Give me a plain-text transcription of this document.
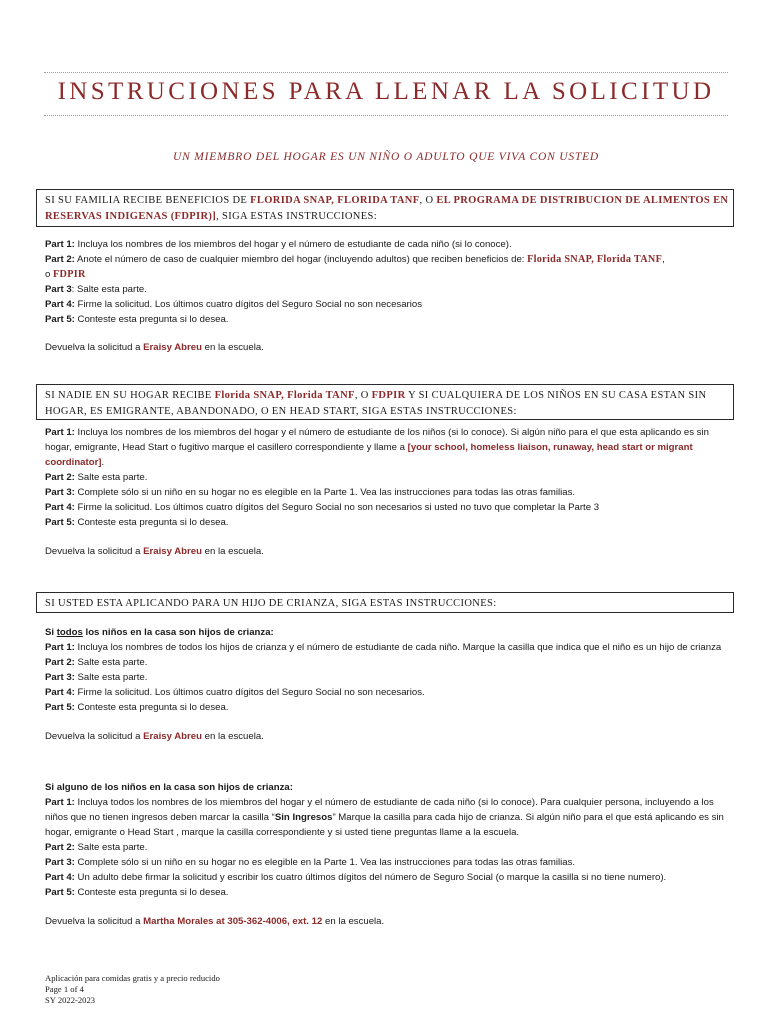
INSTRUCIONES PARA LLENAR LA SOLICITUD
UN MIEMBRO DEL HOGAR ES UN NIÑO O ADULTO QUE VIVA CON USTED
SI SU FAMILIA RECIBE BENEFICIOS DE FLORIDA SNAP, FLORIDA TANF, O EL PROGRAMA DE DISTRIBUCION DE ALIMENTOS EN
RESERVAS INDIGENAS (FDPIR)], SIGA ESTAS INSTRUCCIONES:
Part 1: Incluya los nombres de los miembros del hogar y el número de estudiante de cada niño (si lo conoce).
Part 2: Anote el número de caso de cualquier miembro del hogar (incluyendo adultos) que reciben beneficios de: Florida SNAP, Florida TANF,
o FDPIR
Part 3: Salte esta parte.
Part 4: Firme la solicitud. Los últimos cuatro dígitos del Seguro Social no son necesarios
Part 5: Conteste esta pregunta si lo desea.
Devuelva la solicitud a Eraisy Abreu en la escuela.
SI NADIE EN SU HOGAR RECIBE Florida SNAP, Florida TANF, O FDPIR Y SI CUALQUIERA DE LOS NIÑOS EN SU CASA ESTAN SIN
HOGAR, ES EMIGRANTE, ABANDONADO, O EN HEAD START, SIGA ESTAS INSTRUCCIONES:
Part 1: Incluya los nombres de los miembros del hogar y el número de estudiante de los niños (si lo conoce). Si algún niño para el que esta aplicando es sin hogar, emigrante, Head Start o fugitivo marque el casillero correspondiente y llame a [your school, homeless liaison, runaway, head start or migrant coordinator].
Part 2: Salte esta parte.
Part 3: Complete sólo si un niño en su hogar no es elegible en la Parte 1. Vea las instrucciones para todas las otras familias.
Part 4: Firme la solicitud. Los últimos cuatro dígitos del Seguro Social no son necesarios si usted no tuvo que completar la Parte 3
Part 5: Conteste esta pregunta si lo desea.
Devuelva la solicitud a Eraisy Abreu en la escuela.
SI USTED ESTA APLICANDO PARA UN HIJO DE CRIANZA, SIGA ESTAS INSTRUCCIONES:
Si todos los niños en la casa son hijos de crianza:
Part 1: Incluya los nombres de todos los hijos de crianza y el número de estudiante de cada niño. Marque la casilla que indica que el niño es un hijo de crianza
Part 2: Salte esta parte.
Part 3: Salte esta parte.
Part 4: Firme la solicitud. Los últimos cuatro dígitos del Seguro Social no son necesarios.
Part 5: Conteste esta pregunta si lo desea.
Devuelva la solicitud a Eraisy Abreu en la escuela.
Si alguno de los niños en la casa son hijos de crianza:
Part 1: Incluya todos los nombres de los miembros del hogar y el número de estudiante de cada niño (si lo conoce). Para cualquier persona, incluyendo a los niños que no tienen ingresos deben marcar la casilla “Sin Ingresos” Marque la casilla para cada hijo de crianza. Si algún niño para el que está aplicando es sin hogar, emigrante o Head Start , marque la casilla correspondiente y si usted tiene preguntas llame a la escuela.
Part 2: Salte esta parte.
Part 3: Complete sólo si un niño en su hogar no es elegible en la Parte 1. Vea las instrucciones para todas las otras familias.
Part 4: Un adulto debe firmar la solicitud y escribir los cuatro últimos dígitos del número de Seguro Social (o marque la casilla si no tiene numero).
Part 5: Conteste esta pregunta si lo desea.
Devuelva la solicitud a Martha Morales at 305-362-4006, ext. 12 en la escuela.
Aplicación para comidas gratis y a precio reducido
Page 1 of 4
SY 2022-2023
